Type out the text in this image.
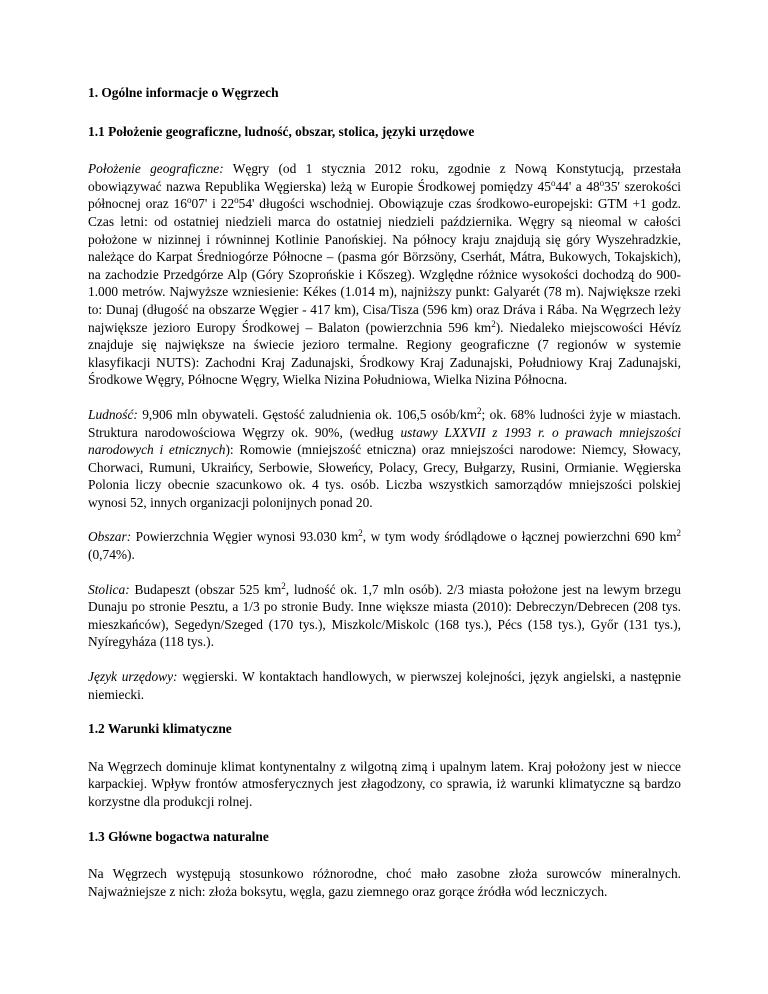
1. Ogólne informacje o Węgrzech
1.1 Położenie geograficzne, ludność, obszar, stolica, języki urzędowe

Położenie geograficzne: Węgry (od 1 stycznia 2012 roku, zgodnie z Nową Konstytucją, przestała obowiązywać nazwa Republika Węgierska) leżą w Europie Środkowej pomiędzy 45$^o$44' a 48$^o$35' szerokości północnej oraz 16$^o$07' i 22$^o$54' długości wschodniej. Obowiązuje czas środkowo-europejski: GTM +1 godz. Czas letni: od ostatniej niedzieli marca do ostatniej niedzieli października. Węgry są nieomal w całości położone w nizinnej i równinnej Kotlinie Panońskiej. Na północy kraju znajdują się góry Wyszehradzkie, należące do Karpat Średniogórze Północne – (pasma gór Börzsöny, Cserhát, Mátra, Bukowych, Tokajskich), na zachodzie Przedgórze Alp (Góry Szoprońskie i Kőszeg). Względne różnice wysokości dochodzą do 900-1.000 metrów. Najwyższe wzniesienie: Kékes (1.014 m), najniższy punkt: Galyarét (78 m). Największe rzeki to: Dunaj (długość na obszarze Węgier - 417 km), Cisa/Tisza (596 km) oraz Dráva i Rába. Na Węgrzech leży największe jezioro Europy Środkowej – Balaton (powierzchnia 596 $km^2$). Niedaleko miejscowości Hévíz znajduje się największe na świecie jezioro termalne. Regiony geograficzne (7 regionów w systemie klasyfikacji NUTS): Zachodni Kraj Zadunajski, Środkowy Kraj Zadunajski, Południowy Kraj Zadunajski, Środkowe Węgry, Północne Węgry, Wielka Nizina Południowa, Wielka Nizina Północna.

Ludność: 9,906 mln obywateli. Gęstość zaludnienia ok. 106,5 osób/$km^2$; ok. 68% ludności żyje w miastach. Struktura narodowościowa Węgrzy ok. 90%, (według ustawy LXXVII z 1993 r. o prawach mniejszości narodowych i etnicznych): Romowie (mniejszość etniczna) oraz mniejszości narodowe: Niemcy, Słowacy, Chorwaci, Rumuni, Ukraińcy, Serbowie, Słoweńcy, Polacy, Grecy, Bułgarzy, Rusini, Ormianie. Węgierska Polonia liczy obecnie szacunkowo ok. 4 tys. osób. Liczba wszystkich samorządów mniejszości polskiej wynosi 52, innych organizacji polonijnych ponad 20.

Obszar: Powierzchnia Węgier wynosi 93.030 $km^2$, w tym wody śródlądowe o łącznej powierzchni 690 $km^2$ (0,74%).

Stolica: Budapeszt (obszar 525 $km^2$, ludność ok. 1,7 mln osób). 2/3 miasta położone jest na lewym brzegu Dunaju po stronie Pesztu, a 1/3 po stronie Budy. Inne większe miasta (2010): Debreczyn/Debrecen (208 tys. mieszkańców), Segedyn/Szeged (170 tys.), Miszkolc/Miskolc (168 tys.), Pécs (158 tys.), Győr (131 tys.), Nyíregyháza (118 tys.).

Język urzędowy: węgierski. W kontaktach handlowych, w pierwszej kolejności, język angielski, a następnie niemiecki.

1.2 Warunki klimatyczne

Na Węgrzech dominuje klimat kontynentalny z wilgotną zimą i upalnym latem. Kraj położony jest w niecce karpackiej. Wpływ frontów atmosferycznych jest złagodzony, co sprawia, iż warunki klimatyczne są bardzo korzystne dla produkcji rolnej.

1.3 Główne bogactwa naturalne

Na Węgrzech występują stosunkowo różnorodne, choć mało zasobne złoża surowców mineralnych. Najważniejsze z nich: złoża boksytu, węgla, gazu ziemnego oraz gorące źródła wód leczniczych.
